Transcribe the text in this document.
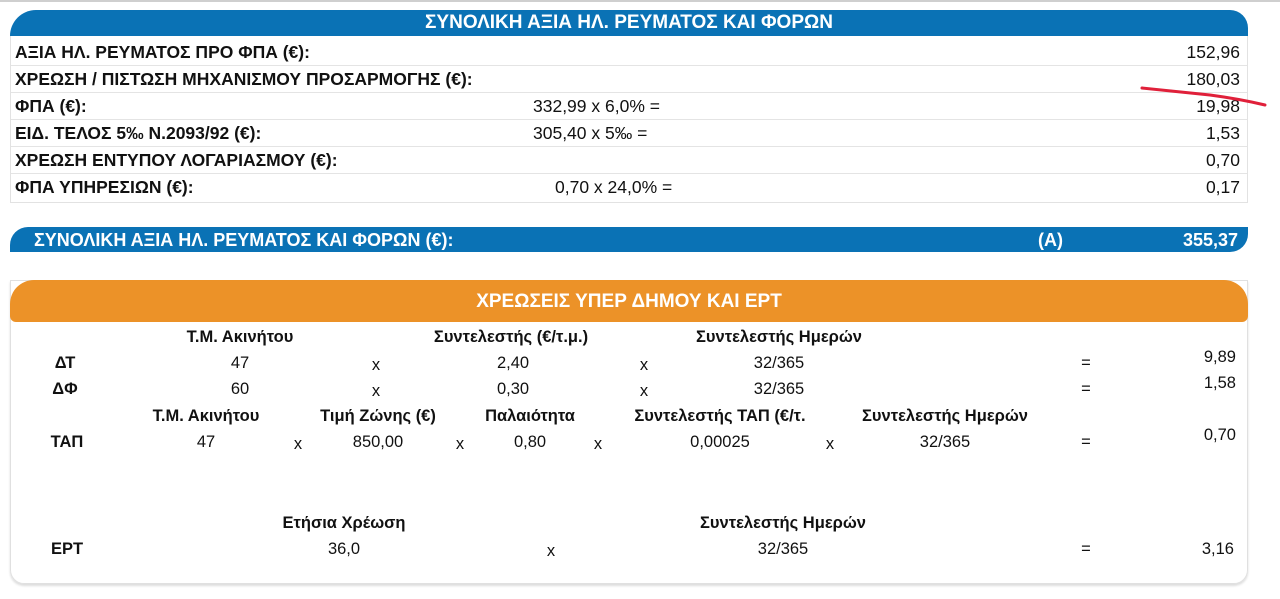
ΣΥΝΟΛΙΚΗ ΑΞΙΑ ΗΛ. ΡΕΥΜΑΤΟΣ ΚΑΙ ΦΟΡΩΝ
ΑΞΙΑ ΗΛ. ΡΕΥΜΑΤΟΣ ΠΡΟ ΦΠΑ (€):	152,96
ΧΡΕΩΣΗ / ΠΙΣΤΩΣΗ ΜΗΧΑΝΙΣΜΟΥ ΠΡΟΣΑΡΜΟΓΗΣ (€):	180,03
ΦΠΑ (€):	332,99 x 6,0% =	19,98
ΕΙΔ. ΤΕΛΟΣ 5‰ Ν.2093/92 (€):	305,40 x 5‰ =	1,53
ΧΡΕΩΣΗ ΕΝΤΥΠΟΥ ΛΟΓΑΡΙΑΣΜΟΥ (€):	0,70
ΦΠΑ ΥΠΗΡΕΣΙΩΝ (€):	0,70 x 24,0% =	0,17
ΣΥΝΟΛΙΚΗ ΑΞΙΑ ΗΛ. ΡΕΥΜΑΤΟΣ ΚΑΙ ΦΟΡΩΝ (€):	(A)	355,37
ΧΡΕΩΣΕΙΣ ΥΠΕΡ ΔΗΜΟΥ ΚΑΙ ΕΡΤ
Τ.Μ. Ακινήτου	Συντελεστής (€/τ.μ.)	Συντελεστής Ημερών
ΔΤ	47	x	2,40	x	32/365	=	9,89
ΔΦ	60	x	0,30	x	32/365	=	1,58
Τ.Μ. Ακινήτου	Τιμή Ζώνης (€)	Παλαιότητα	Συντελεστής ΤΑΠ (€/τ.	Συντελεστής Ημερών
ΤΑΠ	47	x	850,00	x	0,80	x	0,00025	x	32/365	=	0,70
Ετήσια Χρέωση	Συντελεστής Ημερών
ΕΡΤ	36,0	x	32/365	=	3,16
